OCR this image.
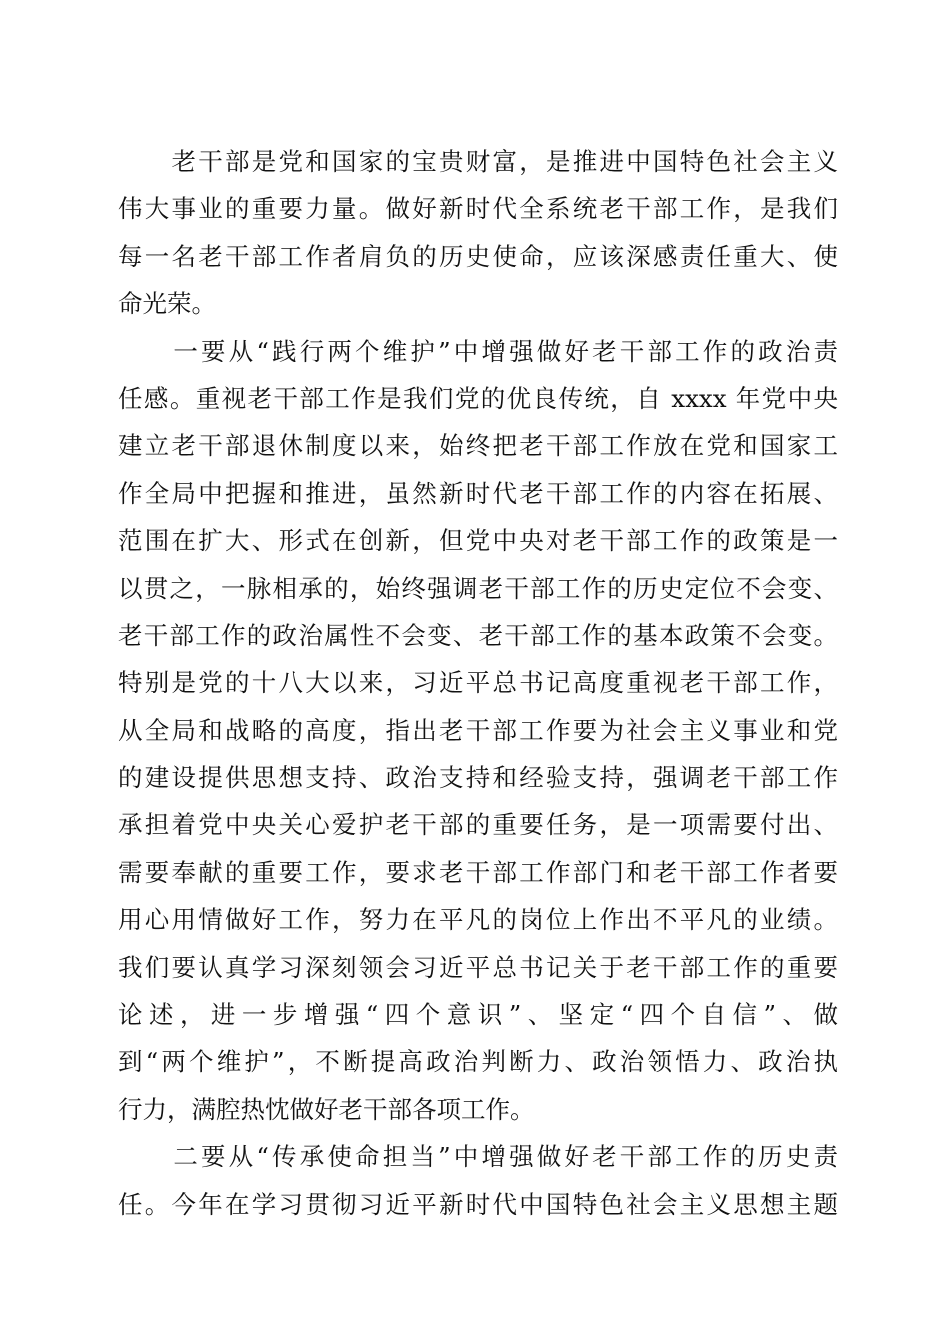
　　老干部是党和国家的宝贵财富，是推进中国特色社会主义
伟大事业的重要力量。做好新时代全系统老干部工作，是我们
每一名老干部工作者肩负的历史使命，应该深感责任重大、使
命光荣。
　　一要从“践行两个维护”中增强做好老干部工作的政治责
任感。重视老干部工作是我们党的优良传统，自 xxxx 年党中央
建立老干部退休制度以来，始终把老干部工作放在党和国家工
作全局中把握和推进，虽然新时代老干部工作的内容在拓展、
范围在扩大、形式在创新，但党中央对老干部工作的政策是一
以贯之，一脉相承的，始终强调老干部工作的历史定位不会变、
老干部工作的政治属性不会变、老干部工作的基本政策不会变。
特别是党的十八大以来，习近平总书记高度重视老干部工作，
从全局和战略的高度，指出老干部工作要为社会主义事业和党
的建设提供思想支持、政治支持和经验支持，强调老干部工作
承担着党中央关心爱护老干部的重要任务，是一项需要付出、
需要奉献的重要工作，要求老干部工作部门和老干部工作者要
用心用情做好工作，努力在平凡的岗位上作出不平凡的业绩。
我们要认真学习深刻领会习近平总书记关于老干部工作的重要
论述，进一步增强“四个意识”、坚定“四个自信”、做
到“两个维护”，不断提高政治判断力、政治领悟力、政治执
行力，满腔热忱做好老干部各项工作。
　　二要从“传承使命担当”中增强做好老干部工作的历史责
任。今年在学习贯彻习近平新时代中国特色社会主义思想主题
